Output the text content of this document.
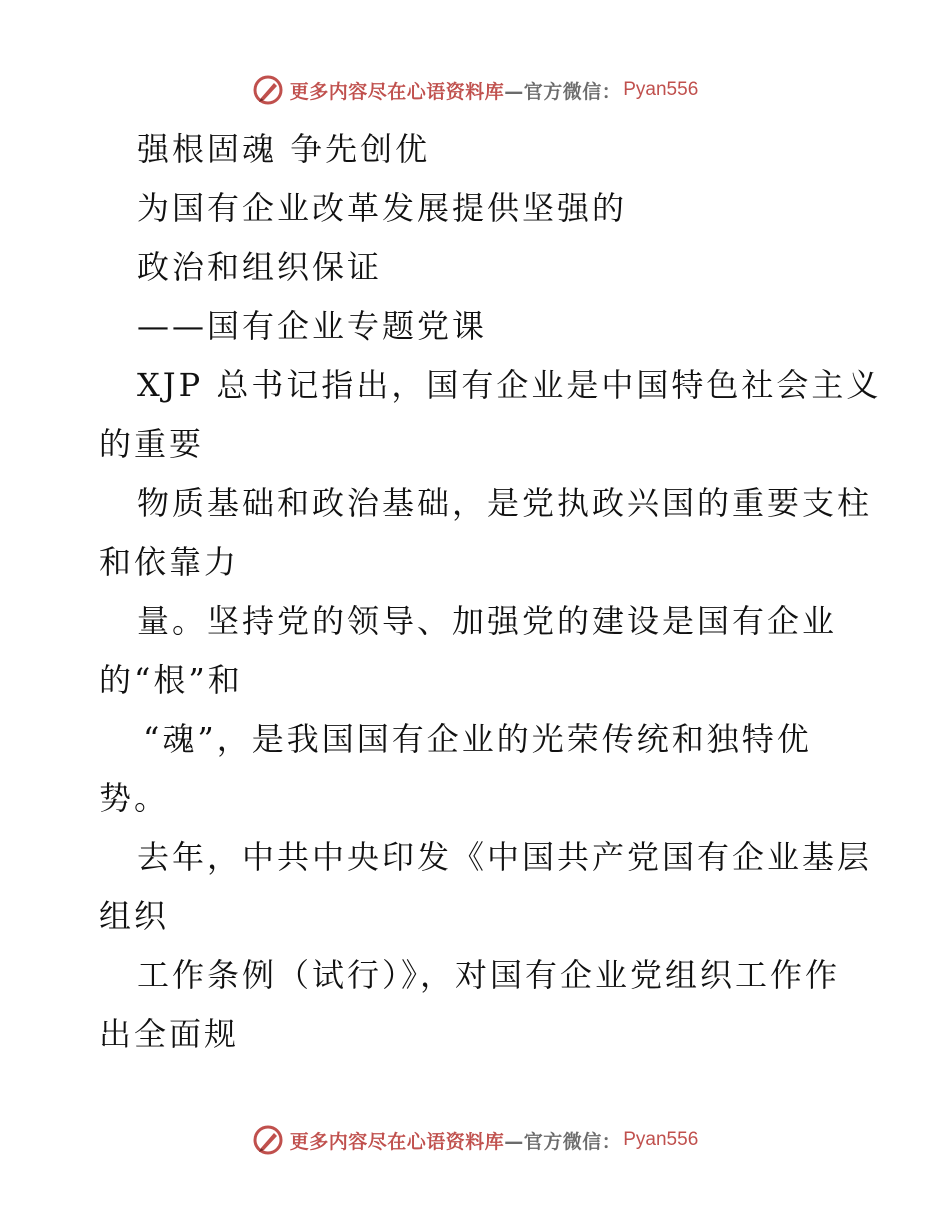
更多内容尽在心语资料库—官方微信： Pyan556
强根固魂 争先创优
为国有企业改革发展提供坚强的
政治和组织保证
——国有企业专题党课
XJP 总书记指出，国有企业是中国特色社会主义
的重要
物质基础和政治基础，是党执政兴国的重要支柱
和依靠力
量。坚持党的领导、加强党的建设是国有企业
的“根”和
“魂”，是我国国有企业的光荣传统和独特优
势。
去年，中共中央印发《中国共产党国有企业基层
组织
工作条例（试行）》，对国有企业党组织工作作
出全面规
更多内容尽在心语资料库—官方微信： Pyan556
